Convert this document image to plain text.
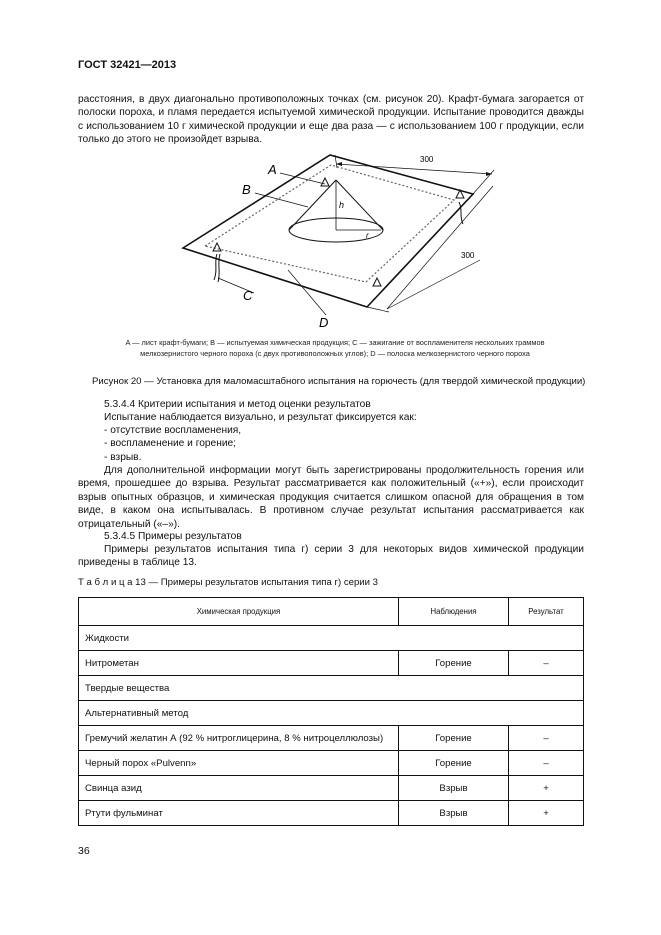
ГОСТ 32421—2013
расстояния, в двух диагонально противоположных точках (см. рисунок 20). Крафт-бумага загорается от полоски пороха, и пламя передается испытуемой химической продукции. Испытание проводится дважды с использованием 10 г химической продукции и еще два раза — с использованием 100 г продукции, если только до этого не произойдет взрыва.
A
B
C
D
h
r
300
300
A — лист крафт-бумаги; B — испытуемая химическая продукция; C — зажигание от воспламенителя нескольких граммов мелкозернистого черного пороха (с двух противоположных углов); D — полоска мелкозернистого черного пороха
Рисунок 20 — Установка для маломасштабного испытания на горючесть (для твердой химической продукции)
5.3.4.4 Критерии испытания и метод оценки результатов
Испытание наблюдается визуально, и результат фиксируется как:
- отсутствие воспламенения,
- воспламенение и горение;
- взрыв.
Для дополнительной информации могут быть зарегистрированы продолжительность горения или время, прошедшее до взрыва. Результат рассматривается как положительный («+»), если происходит взрыв опытных образцов, и химическая продукция считается слишком опасной для обращения в том виде, в каком она испытывалась. В противном случае результат испытания рассматривается как отрицательный («–»).
5.3.4.5 Примеры результатов
Примеры результатов испытания типа г) серии 3 для некоторых видов химической продукции приведены в таблице 13.
Т а б л и ц а 13 — Примеры результатов испытания типа г) серии 3
Химическая продукция	Наблюдения	Результат
Жидкости		
Нитрометан	Горение	–
Твердые вещества		
Альтернативный метод		
Гремучий желатин А (92 % нитроглицерина, 8 % нитроцеллюлозы)	Горение	–
Черный порох «Pulvenn»	Горение	–
Свинца азид	Взрыв	+
Ртути фульминат	Взрыв	+
36
